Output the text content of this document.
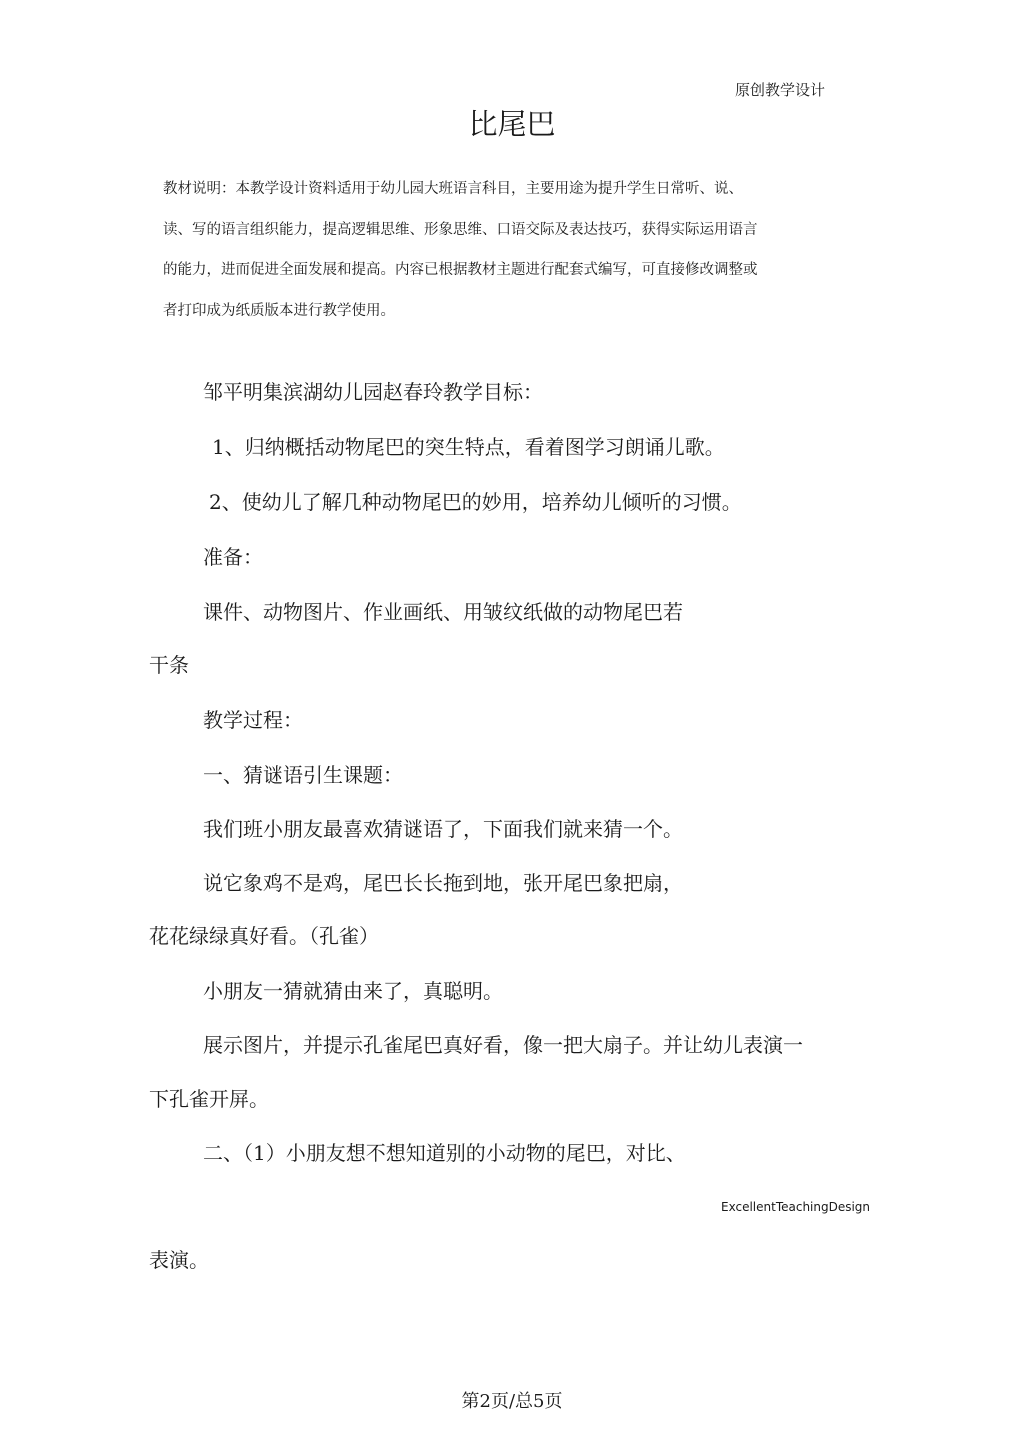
原创教学设计
比尾巴
教材说明：本教学设计资料适用于幼儿园大班语言科目，主要用途为提升学生日常听、说、
读、写的语言组织能力，提高逻辑思维、形象思维、口语交际及表达技巧，获得实际运用语言
的能力，进而促进全面发展和提高。内容已根据教材主题进行配套式编写，可直接修改调整或
者打印成为纸质版本进行教学使用。
邹平明集滨湖幼儿园赵春玲教学目标：
1、归纳概括动物尾巴的突生特点，看着图学习朗诵儿歌。
2、使幼儿了解几种动物尾巴的妙用，培养幼儿倾听的习惯。
准备：
课件、动物图片、作业画纸、用皱纹纸做的动物尾巴若
干条
教学过程：
一、猜谜语引生课题：
我们班小朋友最喜欢猜谜语了，下面我们就来猜一个。
说它象鸡不是鸡，尾巴长长拖到地，张开尾巴象把扇，
花花绿绿真好看。（孔雀）
小朋友一猜就猜由来了，真聪明。
展示图片，并提示孔雀尾巴真好看，像一把大扇子。并让幼儿表演一
下孔雀开屏。
二、（1）小朋友想不想知道别的小动物的尾巴，对比、
ExcellentTeachingDesign
表演。
第2页/总5页
